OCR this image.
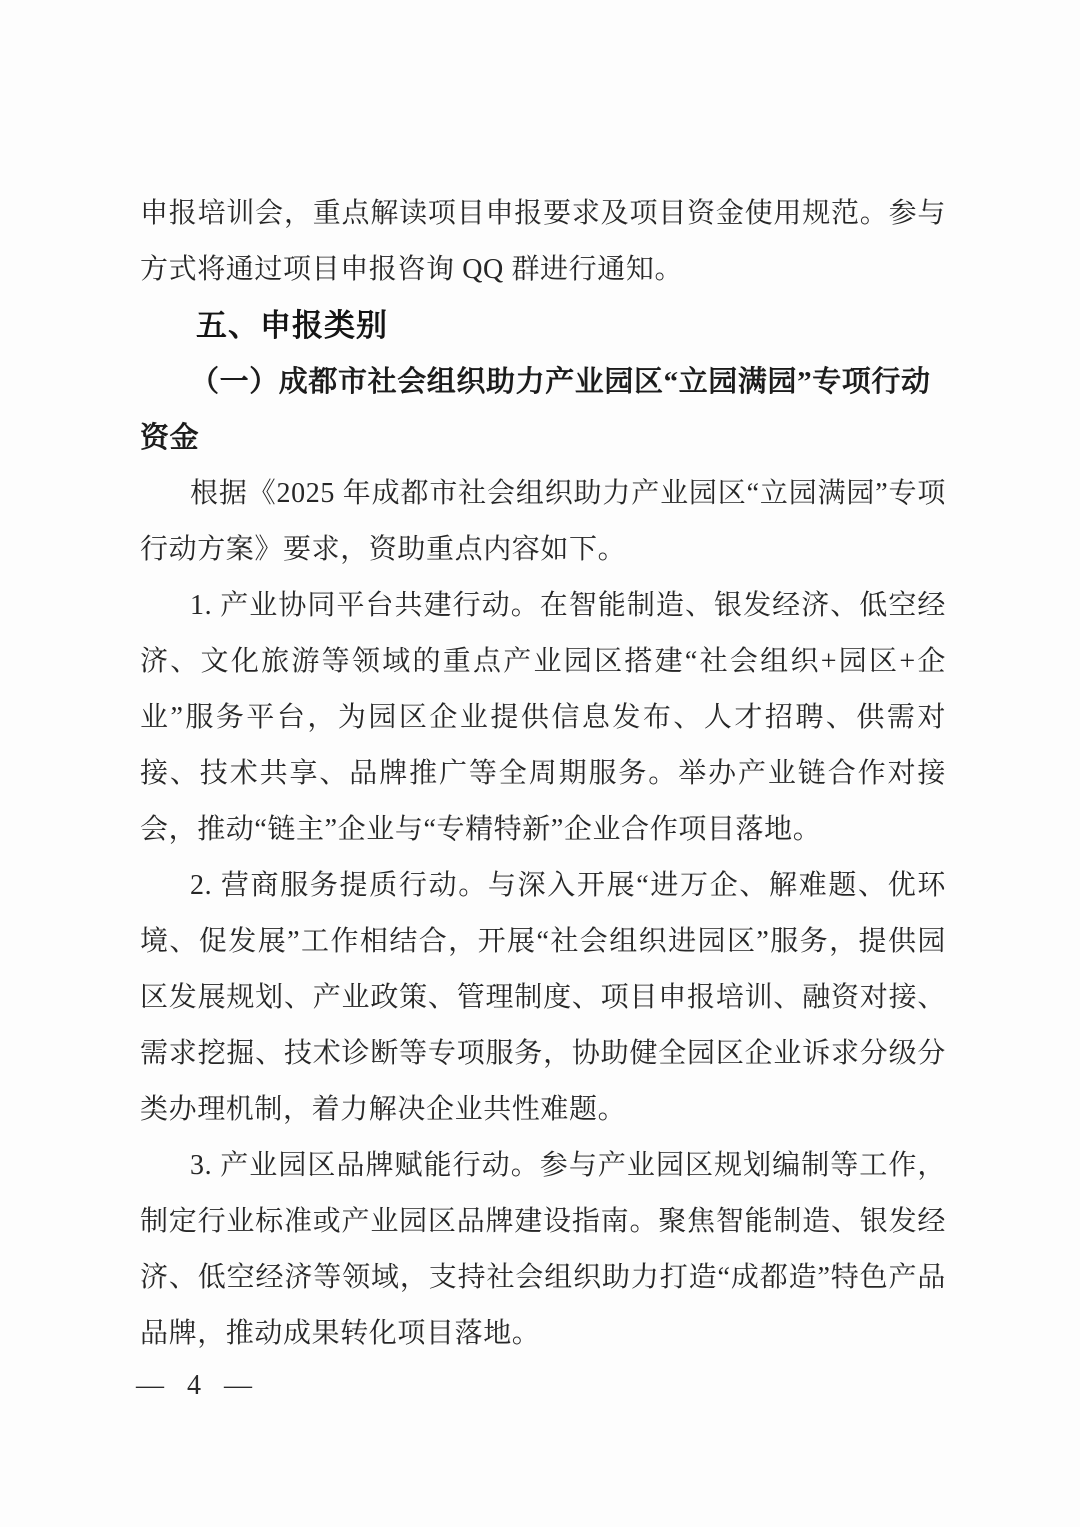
申报培训会，重点解读项目申报要求及项目资金使用规范。参与方式将通过项目申报咨询 QQ 群进行通知。

五、申报类别
（一）成都市社会组织助力产业园区“立园满园”专项行动
资金

根据《2025 年成都市社会组织助力产业园区“立园满园”专项行动方案》要求，资助重点内容如下。

1. 产业协同平台共建行动。在智能制造、银发经济、低空经济、文化旅游等领域的重点产业园区搭建“社会组织+园区+企业”服务平台，为园区企业提供信息发布、人才招聘、供需对接、技术共享、品牌推广等全周期服务。举办产业链合作对接会，推动“链主”企业与“专精特新”企业合作项目落地。

2. 营商服务提质行动。与深入开展“进万企、解难题、优环境、促发展”工作相结合，开展“社会组织进园区”服务，提供园区发展规划、产业政策、管理制度、项目申报培训、融资对接、需求挖掘、技术诊断等专项服务，协助健全园区企业诉求分级分类办理机制，着力解决企业共性难题。

3. 产业园区品牌赋能行动。参与产业园区规划编制等工作，制定行业标准或产业园区品牌建设指南。聚焦智能制造、银发经济、低空经济等领域，支持社会组织助力打造“成都造”特色产品品牌，推动成果转化项目落地。

— 4 —
